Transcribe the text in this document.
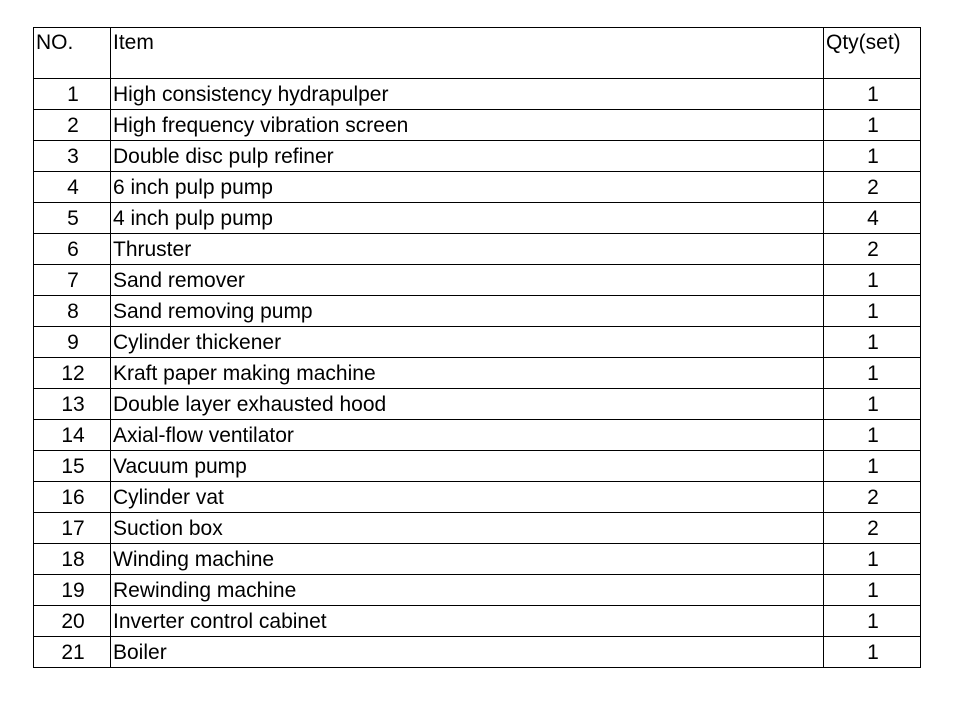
NO.	Item	Qty(set)
1	High consistency hydrapulper	1
2	High frequency vibration screen	1
3	Double disc pulp refiner	1
4	6 inch pulp pump	2
5	4 inch pulp pump	4
6	Thruster	2
7	Sand remover	1
8	Sand removing pump	1
9	Cylinder thickener	1
12	Kraft paper making machine	1
13	Double layer exhausted hood	1
14	Axial-flow ventilator	1
15	Vacuum pump	1
16	Cylinder vat	2
17	Suction box	2
18	Winding machine	1
19	Rewinding machine	1
20	Inverter control cabinet	1
21	Boiler	1
